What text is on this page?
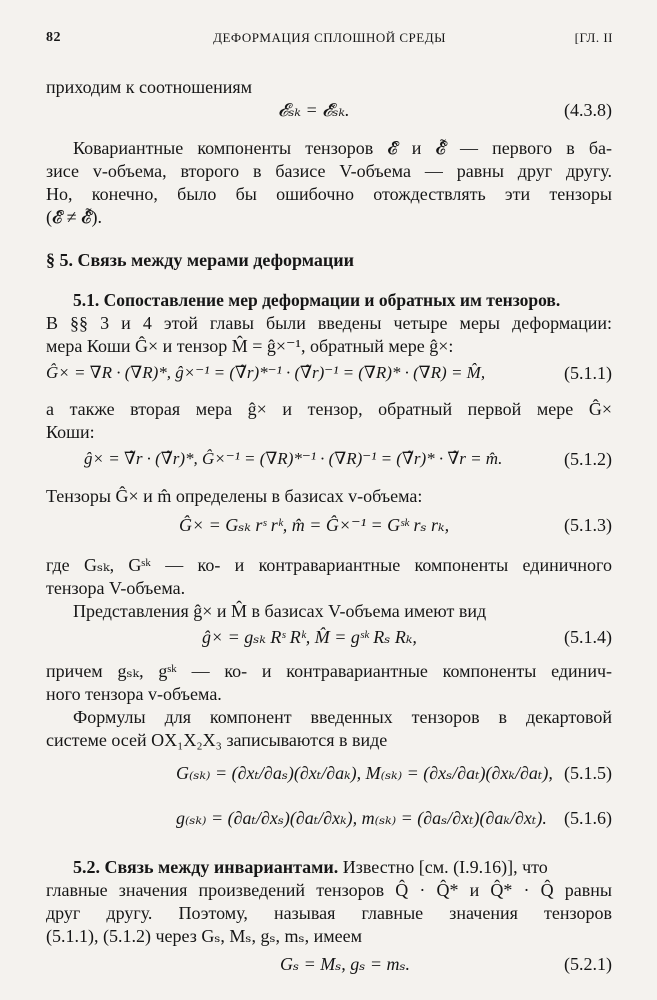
82	ДЕФОРМАЦИЯ СПЛОШНОЙ СРЕДЫ	[ГЛ. II
приходим к соотношениям
𝓔ₛₖ = 𝓔̃ₛₖ.	(4.3.8)
Ковариантные компоненты тензоров 𝓔̂ и 𝓔̂̃ — первого в ба-
зисе v-объема, второго в базисе V-объема — равны друг другу.
Но, конечно, было бы ошибочно отождествлять эти тензоры
(𝓔̂ ≠ 𝓔̂̃).
§ 5. Связь между мерами деформации
5.1. Сопоставление мер деформации и обратных им тензоров.
В §§ 3 и 4 этой главы были введены четыре меры деформации:
мера Коши Ĝ× и тензор M̂ = ĝ×⁻¹, обратный мере ĝ×:
Ĝ× = ∇R · (∇R)*, ĝ×⁻¹ = (∇̃r)*⁻¹ · (∇̃r)⁻¹ = (∇R)* · (∇R) = M̂,	(5.1.1)
а также вторая мера ĝ× и тензор, обратный первой мере Ĝ×
Коши:
ĝ× = ∇̃r · (∇̃r)*, Ĝ×⁻¹ = (∇R)*⁻¹ · (∇R)⁻¹ = (∇̃r)* · ∇̃r = m̂.	(5.1.2)
Тензоры Ĝ× и m̂ определены в базисах v-объема:
Ĝ× = Gₛₖ rˢ rᵏ, m̂ = Ĝ×⁻¹ = Gˢᵏ rₛ rₖ,	(5.1.3)
где Gₛₖ, Gˢᵏ — ко- и контравариантные компоненты единичного
тензора V-объема.
Представления ĝ× и M̂ в базисах V-объема имеют вид
ĝ× = gₛₖ Rˢ Rᵏ, M̂ = gˢᵏ Rₛ Rₖ,	(5.1.4)
причем gₛₖ, gˢᵏ — ко- и контравариантные компоненты единич-
ного тензора v-объема.
Формулы для компонент введенных тензоров в декартовой
системе осей OX₁X₂X₃ записываются в виде
G₍ₛₖ₎ = (∂xₜ/∂aₛ)(∂xₜ/∂aₖ), M₍ₛₖ₎ = (∂xₛ/∂aₜ)(∂xₖ/∂aₜ), (5.1.5)
g₍ₛₖ₎ = (∂aₜ/∂xₛ)(∂aₜ/∂xₖ), m₍ₛₖ₎ = (∂aₛ/∂xₜ)(∂aₖ/∂xₜ). (5.1.6)
5.2. Связь между инвариантами. Известно [см. (I.9.16)], что
главные значения произведений тензоров Q̂ · Q̂* и Q̂* · Q̂ равны
друг другу. Поэтому, называя главные значения тензоров
(5.1.1), (5.1.2) через Gₛ, Mₛ, gₛ, mₛ, имеем
Gₛ = Mₛ, gₛ = mₛ.	(5.2.1)
